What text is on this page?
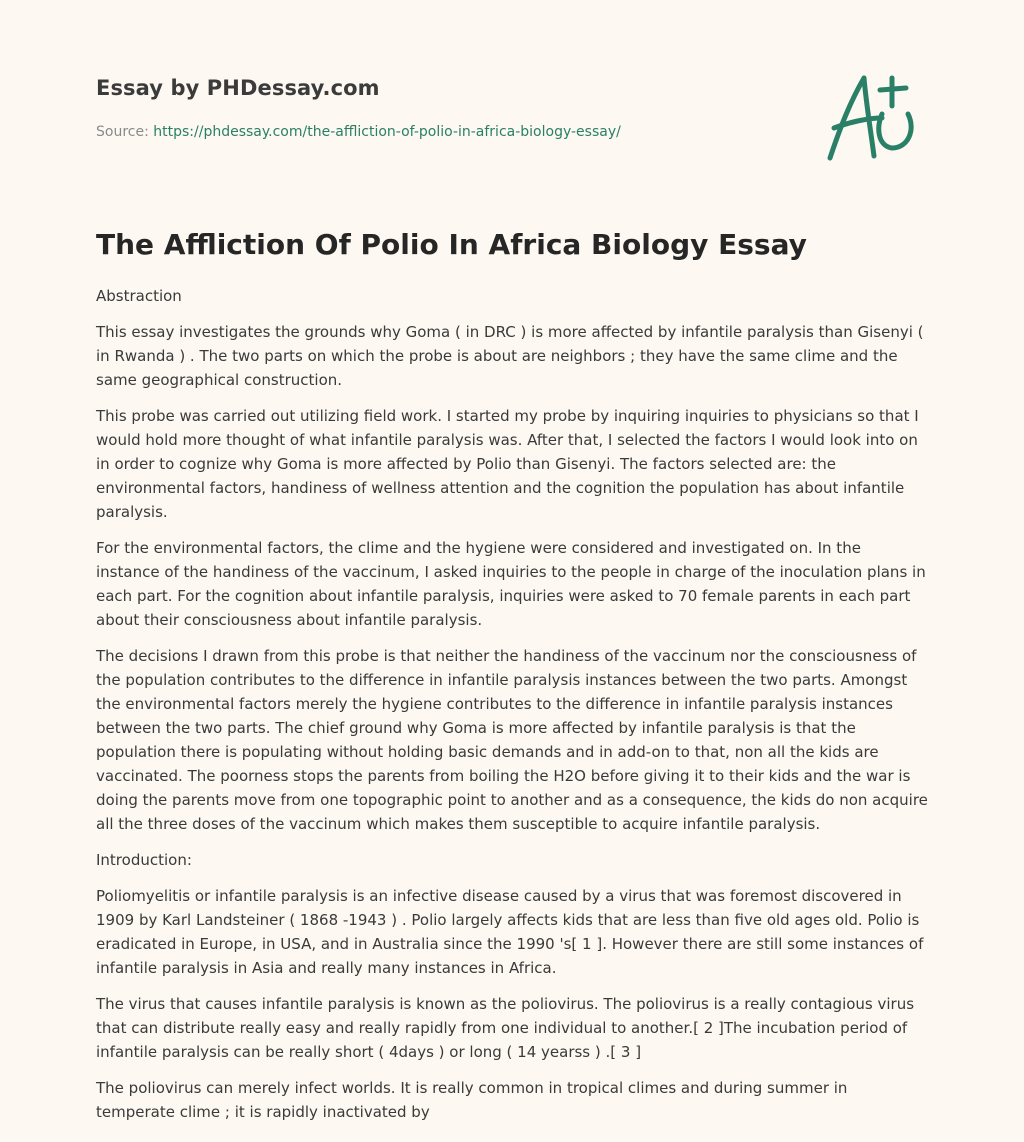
Essay by PHDessay.com
Source: https://phdessay.com/the-affliction-of-polio-in-africa-biology-essay/
The Affliction Of Polio In Africa Biology Essay

Abstraction

This essay investigates the grounds why Goma ( in DRC ) is more affected by infantile paralysis than Gisenyi ( in Rwanda ) . The two parts on which the probe is about are neighbors ; they have the same clime and the same geographical construction.

This probe was carried out utilizing field work. I started my probe by inquiring inquiries to physicians so that I would hold more thought of what infantile paralysis was. After that, I selected the factors I would look into on in order to cognize why Goma is more affected by Polio than Gisenyi. The factors selected are: the environmental factors, handiness of wellness attention and the cognition the population has about infantile paralysis.

For the environmental factors, the clime and the hygiene were considered and investigated on. In the instance of the handiness of the vaccinum, I asked inquiries to the people in charge of the inoculation plans in each part. For the cognition about infantile paralysis, inquiries were asked to 70 female parents in each part about their consciousness about infantile paralysis.

The decisions I drawn from this probe is that neither the handiness of the vaccinum nor the consciousness of the population contributes to the difference in infantile paralysis instances between the two parts. Amongst the environmental factors merely the hygiene contributes to the difference in infantile paralysis instances between the two parts. The chief ground why Goma is more affected by infantile paralysis is that the population there is populating without holding basic demands and in add-on to that, non all the kids are vaccinated. The poorness stops the parents from boiling the H2O before giving it to their kids and the war is doing the parents move from one topographic point to another and as a consequence, the kids do non acquire all the three doses of the vaccinum which makes them susceptible to acquire infantile paralysis.

Introduction:

Poliomyelitis or infantile paralysis is an infective disease caused by a virus that was foremost discovered in 1909 by Karl Landsteiner ( 1868 -1943 ) . Polio largely affects kids that are less than five old ages old. Polio is eradicated in Europe, in USA, and in Australia since the 1990 's[ 1 ]. However there are still some instances of infantile paralysis in Asia and really many instances in Africa.

The virus that causes infantile paralysis is known as the poliovirus. The poliovirus is a really contagious virus that can distribute really easy and really rapidly from one individual to another.[ 2 ]The incubation period of infantile paralysis can be really short ( 4days ) or long ( 14 yearss ) .[ 3 ]

The poliovirus can merely infect worlds. It is really common in tropical climes and during summer in temperate clime ; it is rapidly inactivated by
